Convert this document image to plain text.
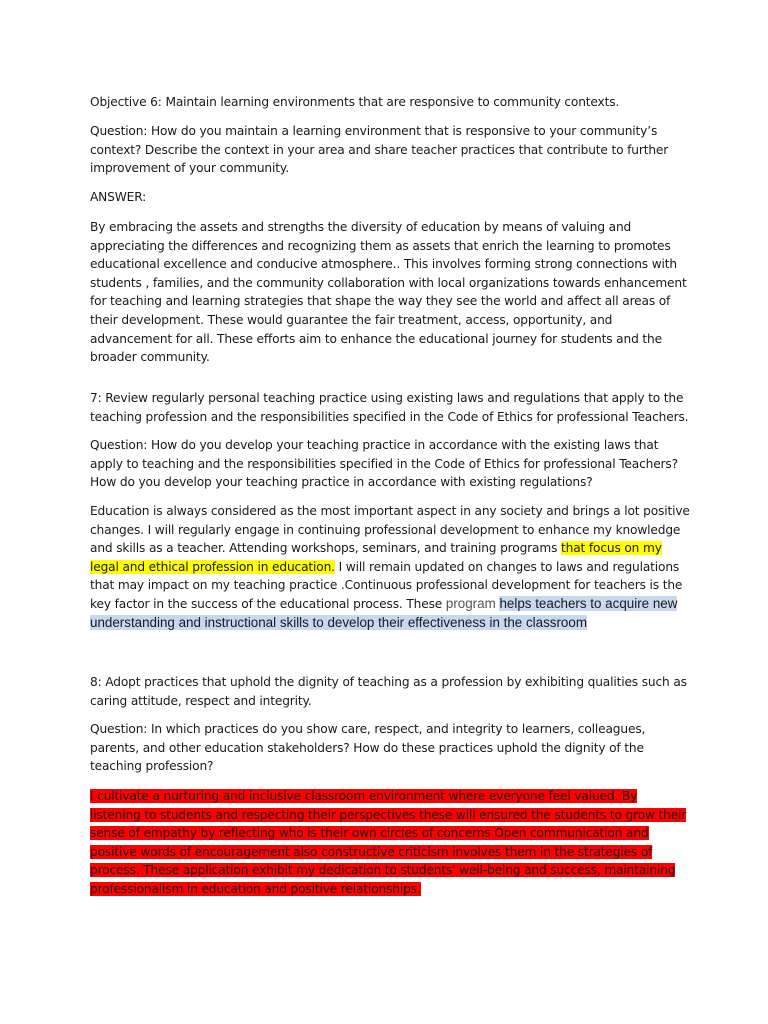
Objective 6: Maintain learning environments that are responsive to community contexts.

Question: How do you maintain a learning environment that is responsive to your community’s context? Describe the context in your area and share teacher practices that contribute to further improvement of your community.

ANSWER:

By embracing the assets and strengths the diversity of education by means of valuing and appreciating the differences and recognizing them as assets that enrich the learning to promotes educational excellence and conducive atmosphere.. This involves forming strong connections with students , families, and the community collaboration with local organizations towards enhancement for teaching and learning strategies that shape the way they see the world and affect all areas of their development. These would guarantee the fair treatment, access, opportunity, and advancement for all. These efforts aim to enhance the educational journey for students and the broader community.

7: Review regularly personal teaching practice using existing laws and regulations that apply to the teaching profession and the responsibilities specified in the Code of Ethics for professional Teachers.

Question: How do you develop your teaching practice in accordance with the existing laws that apply to teaching and the responsibilities specified in the Code of Ethics for professional Teachers? How do you develop your teaching practice in accordance with existing regulations?

Education is always considered as the most important aspect in any society and brings a lot positive changes. I will regularly engage in continuing professional development to enhance my knowledge and skills as a teacher. Attending workshops, seminars, and training programs that focus on my legal and ethical profession in education. I will remain updated on changes to laws and regulations that may impact on my teaching practice .Continuous professional development for teachers is the key factor in the success of the educational process. These program helps teachers to acquire new understanding and instructional skills to develop their effectiveness in the classroom

8: Adopt practices that uphold the dignity of teaching as a profession by exhibiting qualities such as caring attitude, respect and integrity.

Question: In which practices do you show care, respect, and integrity to learners, colleagues, parents, and other education stakeholders? How do these practices uphold the dignity of the teaching profession?

I cultivate a nurturing and inclusive classroom environment where everyone feel valued. By listening to students and respecting their perspectives these will ensured the students to grow their sense of empathy by reflecting who is their own circles of concerns Open communication and positive words of encouragement also constructive criticism involves them in the strategies of process. These application exhibit my dedication to students' well-being and success, maintaining professionalism in education and positive relationships.
